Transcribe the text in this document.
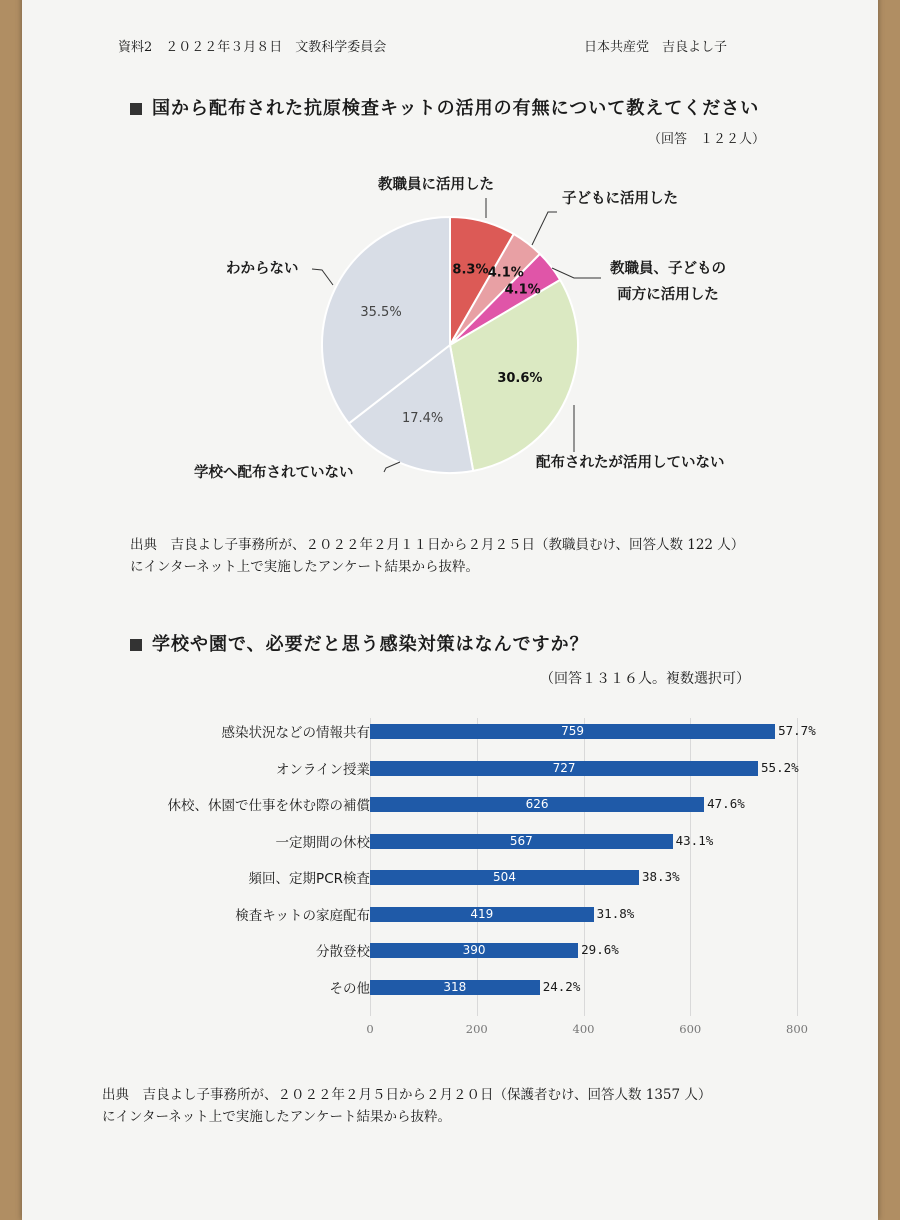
資料2　２０２２年３月８日　文教科学委員会	日本共産党　吉良よし子
国から配布された抗原検査キットの活用の有無について教えてください
（回答　１２２人）
8.3% 4.1%
4.1%
30.6%
17.4%
35.5%
教職員に活用した
子どもに活用した
教職員、子どもの
両方に活用した
配布されたが活用していない
学校へ配布されていない
わからない
出典　吉良よし子事務所が、２０２２年２月１１日から２月２５日（教職員むけ、回答人数 122 人）
にインターネット上で実施したアンケート結果から抜粋。
学校や園で、必要だと思う感染対策はなんですか？
（回答１３１６人。複数選択可）
0	200	400	600	800
感染状況などの情報共有	759	57.7%
オンライン授業	727	55.2%
休校、休園で仕事を休む際の補償	626	47.6%
一定期間の休校	567	43.1%
頻回、定期PCR検査	504	38.3%
検査キットの家庭配布	419	31.8%
分散登校	390	29.6%
その他	318	24.2%
出典　吉良よし子事務所が、２０２２年２月５日から２月２０日（保護者むけ、回答人数 1357 人）
にインターネット上で実施したアンケート結果から抜粋。
